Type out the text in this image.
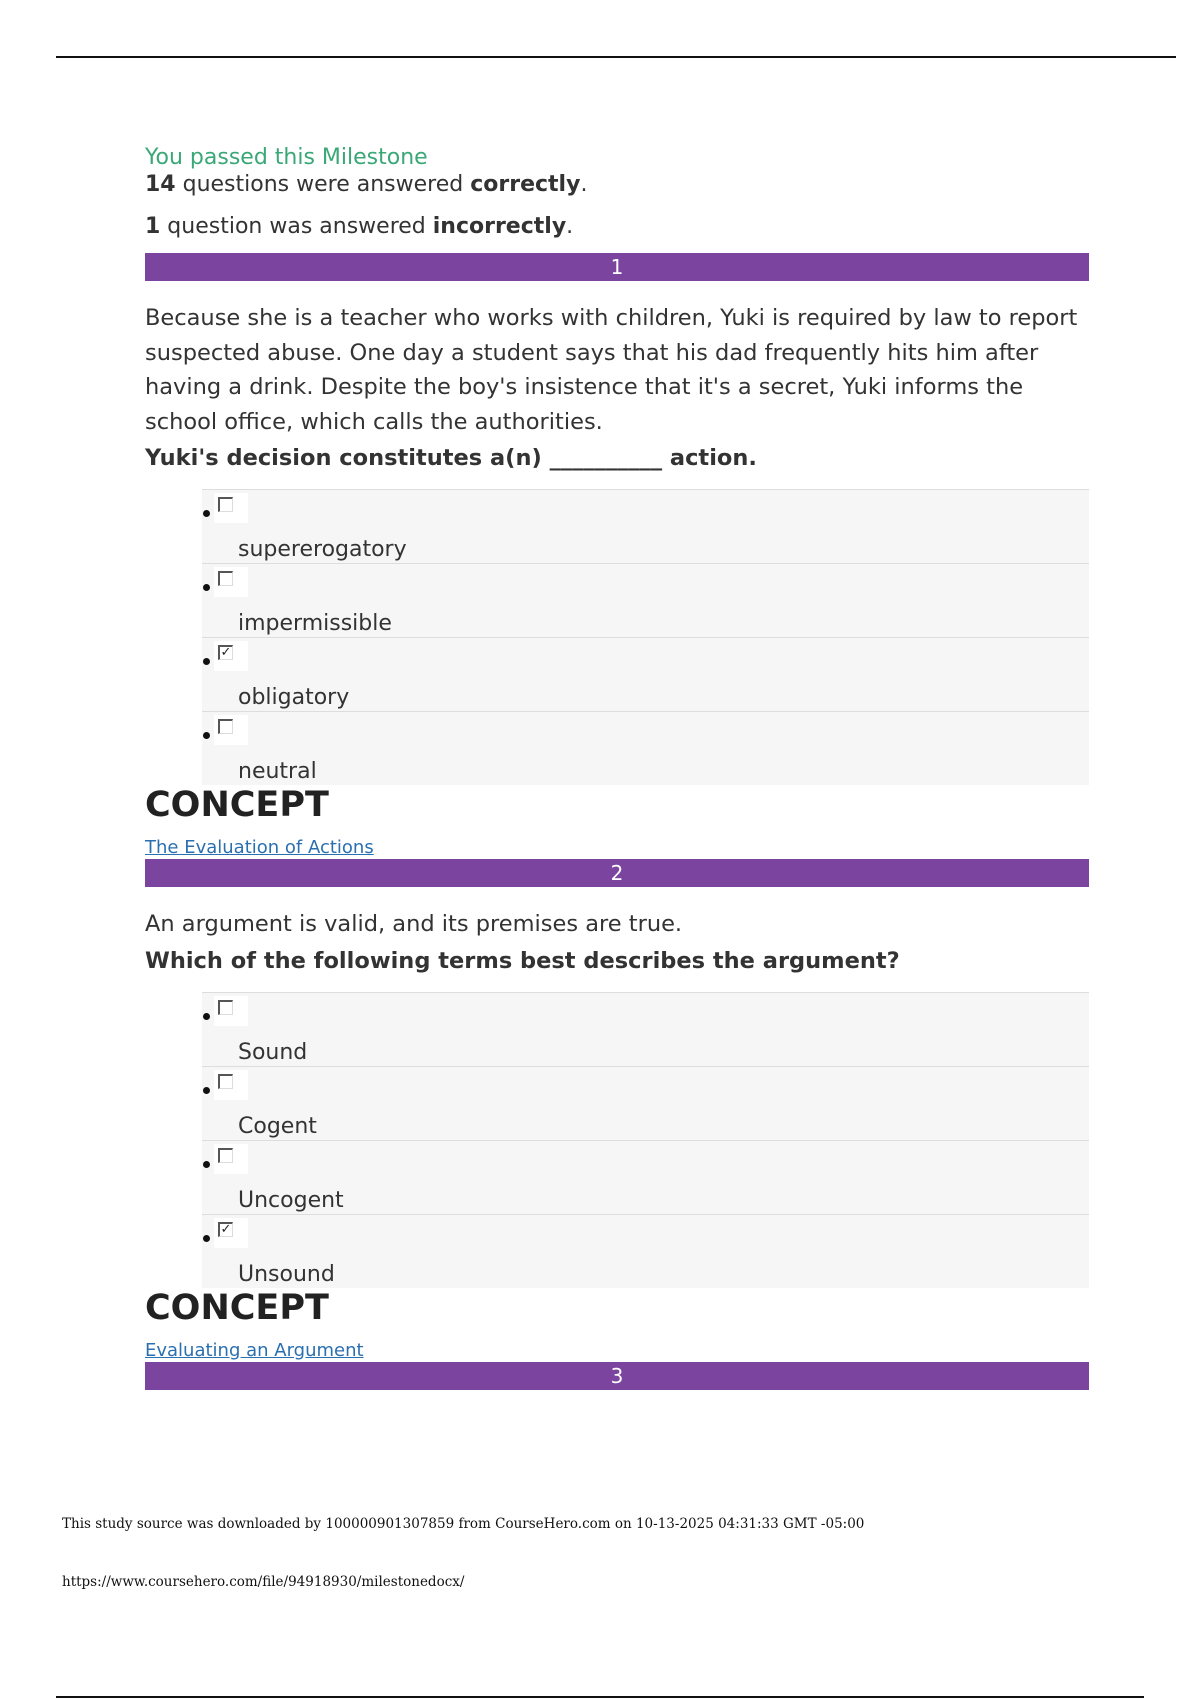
You passed this Milestone
14 questions were answered correctly.
1 question was answered incorrectly.
1
Because she is a teacher who works with children, Yuki is required by law to report suspected abuse. One day a student says that his dad frequently hits him after having a drink. Despite the boy's insistence that it's a secret, Yuki informs the school office, which calls the authorities.
Yuki's decision constitutes a(n) __________ action.
supererogatory
impermissible
✓
obligatory
neutral
CONCEPT
The Evaluation of Actions
2
An argument is valid, and its premises are true.
Which of the following terms best describes the argument?
Sound
Cogent
Uncogent
✓
Unsound
CONCEPT
Evaluating an Argument
3
This study source was downloaded by 100000901307859 from CourseHero.com on 10-13-2025 04:31:33 GMT -05:00
https://www.coursehero.com/file/94918930/milestonedocx/
